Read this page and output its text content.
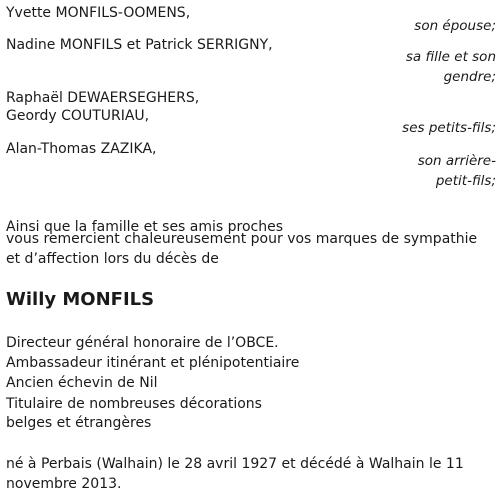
Yvette MONFILS-OOMENS,
son épouse;
Nadine MONFILS et Patrick SERRIGNY,
sa fille et son
gendre;
Raphaël DEWAERSEGHERS,
Geordy COUTURIAU,
ses petits-fils;
Alan-Thomas ZAZIKA,
son arrière-
petit-fils;
Ainsi que la famille et ses amis proches
vous remercient chaleureusement pour vos marques de sympathie et d’affection lors du décès de
Willy MONFILS
Directeur général honoraire de l’OBCE.
Ambassadeur itinérant et plénipotentiaire
Ancien échevin de Nil
Titulaire de nombreuses décorations
belges et étrangères
né à Perbais (Walhain) le 28 avril 1927 et décédé à Walhain le 11 novembre 2013.
